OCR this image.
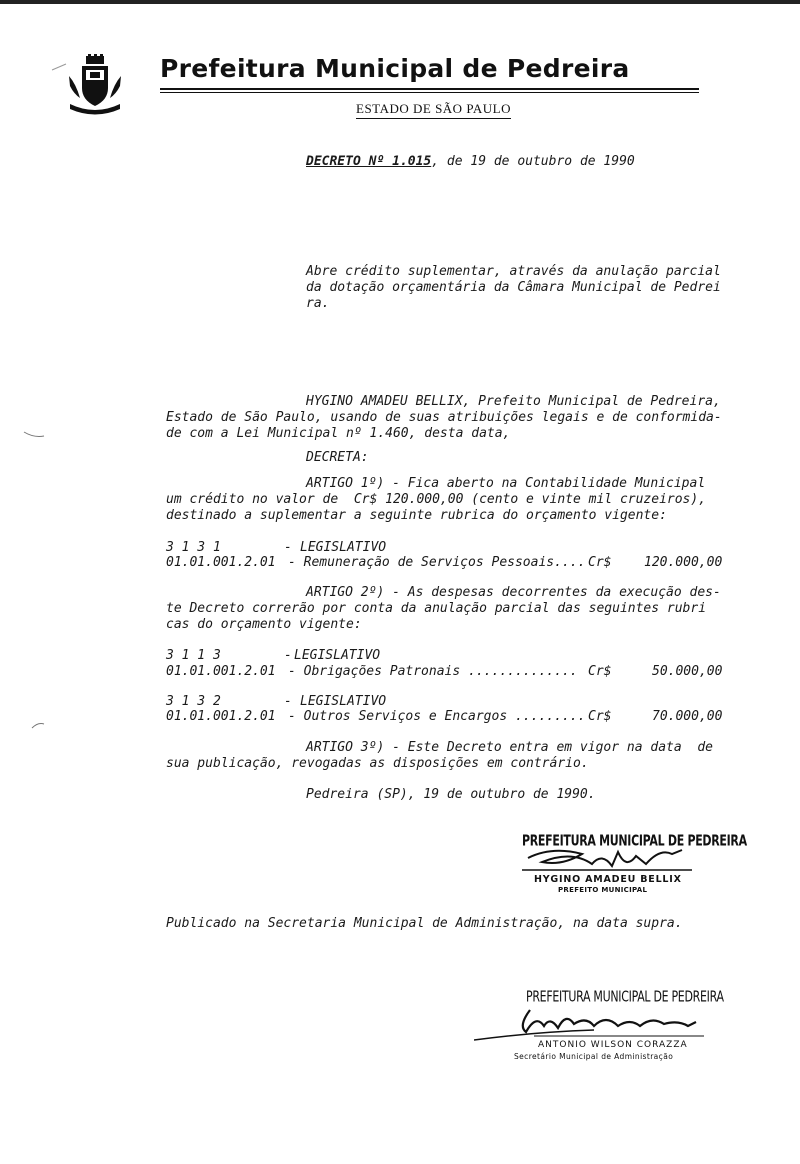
Prefeitura Municipal de Pedreira
ESTADO DE SÃO PAULO
DECRETO Nº 1.015, de 19 de outubro de 1990
Abre crédito suplementar, através da anulação parcial
da dotação orçamentária da Câmara Municipal de Pedrei
ra.
HYGINO AMADEU BELLIX, Prefeito Municipal de Pedreira,
Estado de São Paulo, usando de suas atribuições legais e de conformida-
de com a Lei Municipal nº 1.460, desta data,
DECRETA:
ARTIGO 1º) - Fica aberto na Contabilidade Municipal
um crédito no valor de  Cr$ 120.000,00 (cento e vinte mil cruzeiros),
destinado a suplementar a seguinte rubrica do orçamento vigente:
3 1 3 1	- LEGISLATIVO
01.01.001.2.01 - Remuneração de Serviços Pessoais.... Cr$	120.000,00
ARTIGO 2º) - As despesas decorrentes da execução des-
te Decreto correrão por conta da anulação parcial das seguintes rubri
cas do orçamento vigente:
3 1 1 3	- LEGISLATIVO
01.01.001.2.01 - Obrigações Patronais .............. Cr$	50.000,00
3 1 3 2	- LEGISLATIVO
01.01.001.2.01 - Outros Serviços e Encargos ......... Cr$	70.000,00
ARTIGO 3º) - Este Decreto entra em vigor na data  de
sua publicação, revogadas as disposições em contrário.
Pedreira (SP), 19 de outubro de 1990.
PREFEITURA MUNICIPAL DE PEDREIRA
HYGINO AMADEU BELLIX
PREFEITO MUNICIPAL
Publicado na Secretaria Municipal de Administração, na data supra.
PREFEITURA MUNICIPAL DE PEDREIRA
ANTONIO WILSON CORAZZA
Secretário Municipal de Administração
